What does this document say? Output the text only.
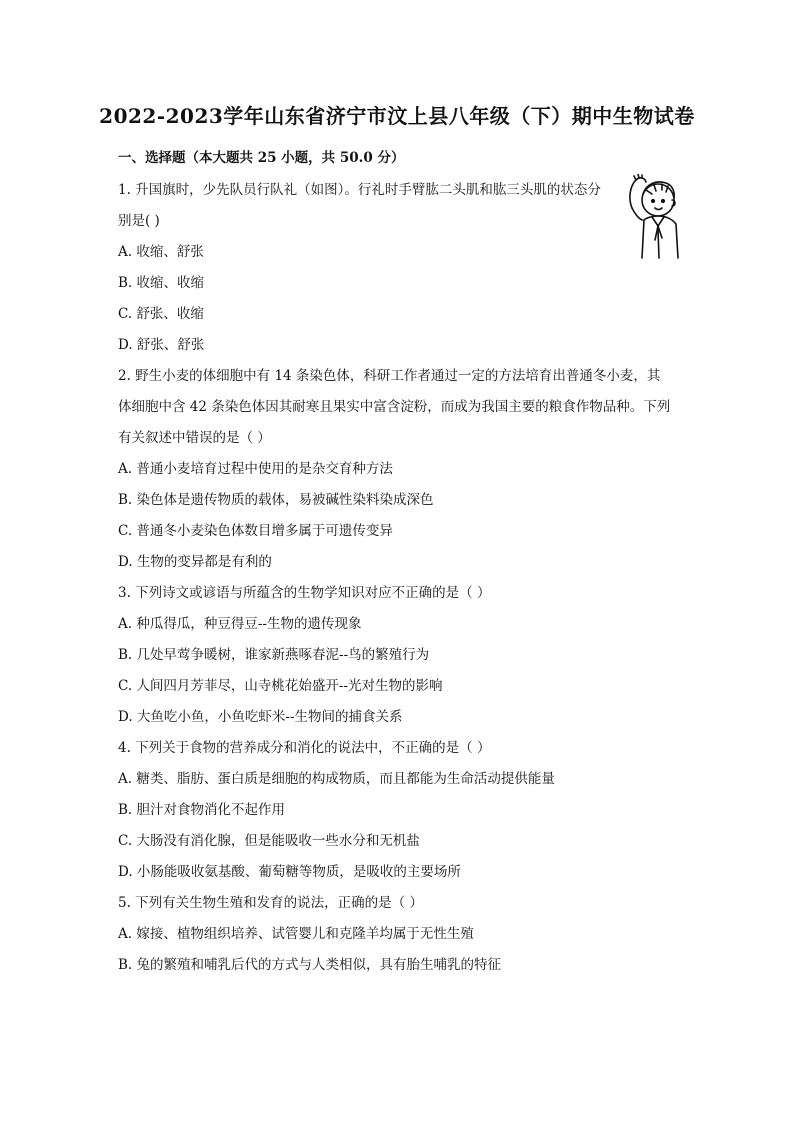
2022-2023学年山东省济宁市汶上县八年级（下）期中生物试卷
一、选择题（本大题共 25 小题，共 50.0 分）
1. 升国旗时，少先队员行队礼（如图）。行礼时手臂肱二头肌和肱三头肌的状态分
别是( )
A. 收缩、舒张
B. 收缩、收缩
C. 舒张、收缩
D. 舒张、舒张
2. 野生小麦的体细胞中有 14 条染色体，科研工作者通过一定的方法培育出普通冬小麦，其
体细胞中含 42 条染色体因其耐寒且果实中富含淀粉，而成为我国主要的粮食作物品种。下列
有关叙述中错误的是（ ）
A. 普通小麦培育过程中使用的是杂交育种方法
B. 染色体是遗传物质的载体，易被碱性染料染成深色
C. 普通冬小麦染色体数目增多属于可遗传变异
D. 生物的变异都是有利的
3. 下列诗文或谚语与所蕴含的生物学知识对应不正确的是（ ）
A. 种瓜得瓜，种豆得豆--生物的遗传现象
B. 几处早莺争暖树，谁家新燕啄春泥--鸟的繁殖行为
C. 人间四月芳菲尽，山寺桃花始盛开--光对生物的影响
D. 大鱼吃小鱼，小鱼吃虾米--生物间的捕食关系
4. 下列关于食物的营养成分和消化的说法中，不正确的是（ ）
A. 糖类、脂肪、蛋白质是细胞的构成物质，而且都能为生命活动提供能量
B. 胆汁对食物消化不起作用
C. 大肠没有消化腺，但是能吸收一些水分和无机盐
D. 小肠能吸收氨基酸、葡萄糖等物质，是吸收的主要场所
5. 下列有关生物生殖和发育的说法，正确的是（ ）
A. 嫁接、植物组织培养、试管婴儿和克隆羊均属于无性生殖
B. 兔的繁殖和哺乳后代的方式与人类相似，具有胎生哺乳的特征
